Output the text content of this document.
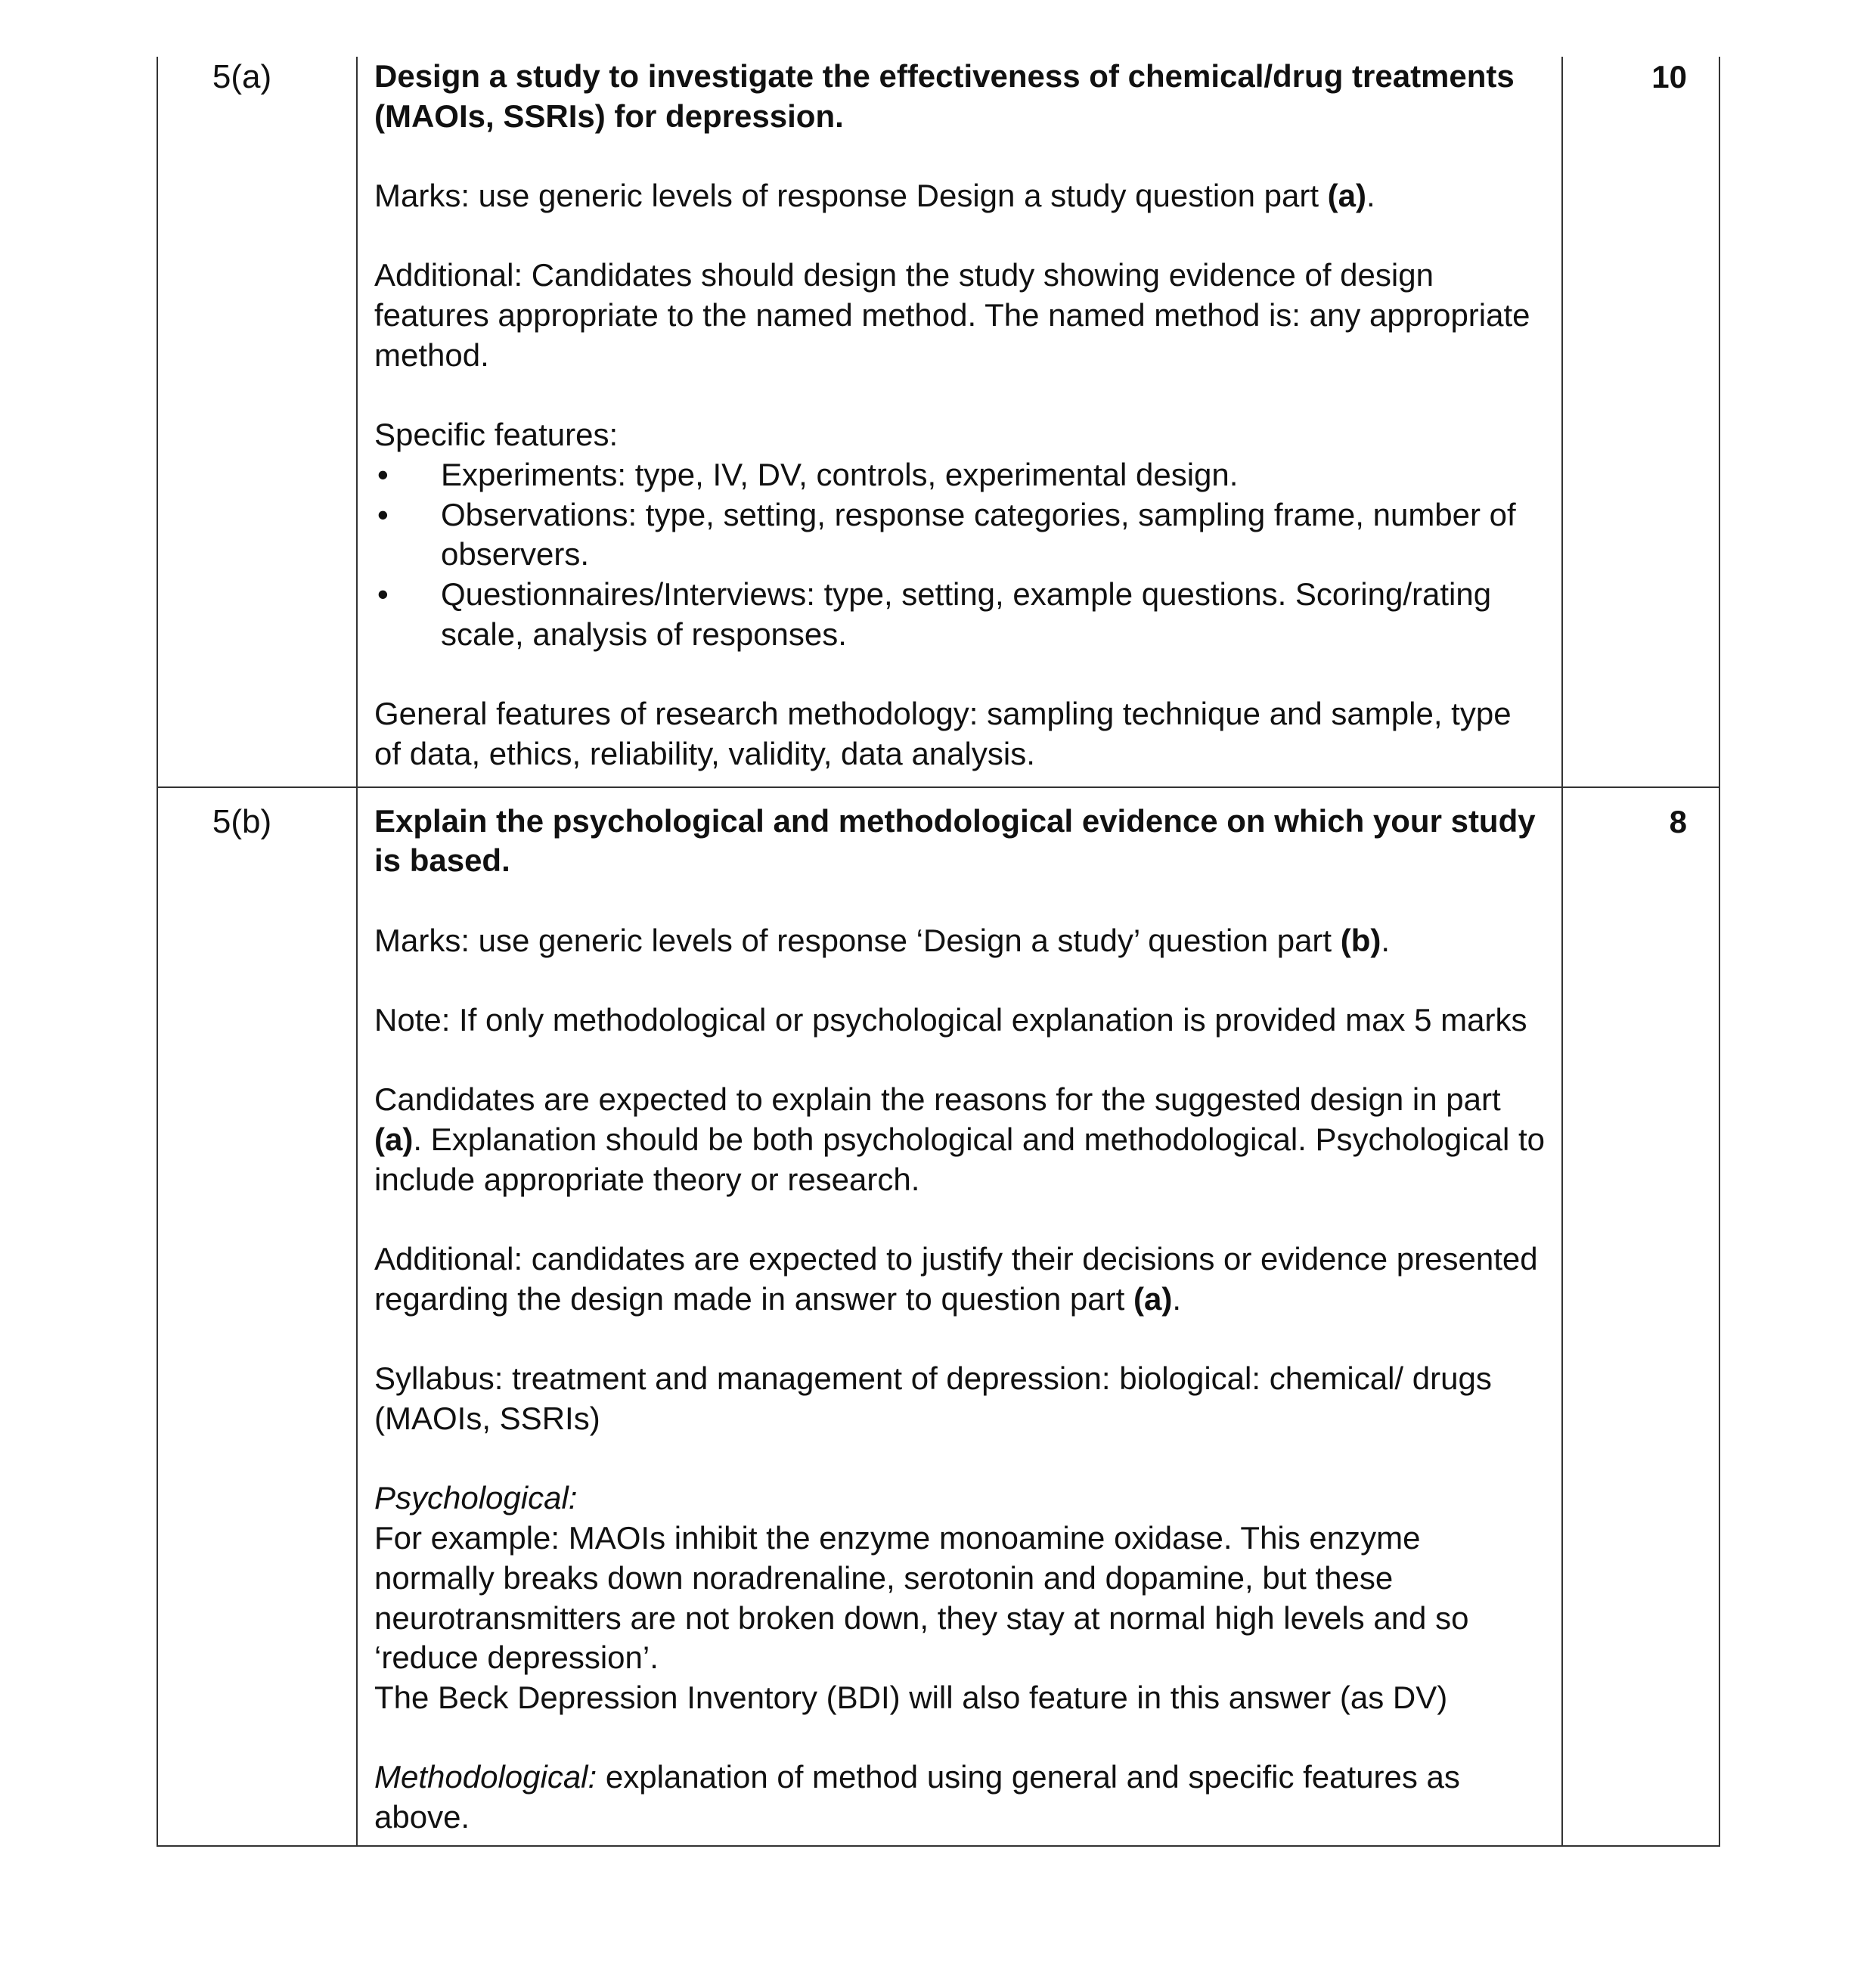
5(a)	Design a study to investigate the effectiveness of chemical/drug treatments (MAOIs, SSRIs) for depression.

Marks: use generic levels of response Design a study question part (a).

Additional: Candidates should design the study showing evidence of design features appropriate to the named method. The named method is: any appropriate method.

Specific features:
• Experiments: type, IV, DV, controls, experimental design.
• Observations: type, setting, response categories, sampling frame, number of observers.
• Questionnaires/Interviews: type, setting, example questions. Scoring/rating scale, analysis of responses.

General features of research methodology: sampling technique and sample, type of data, ethics, reliability, validity, data analysis.

10
5(b)	Explain the psychological and methodological evidence on which your study is based.

Marks: use generic levels of response ‘Design a study’ question part (b).

Note: If only methodological or psychological explanation is provided max 5 marks

Candidates are expected to explain the reasons for the suggested design in part (a). Explanation should be both psychological and methodological. Psychological to include appropriate theory or research.

Additional: candidates are expected to justify their decisions or evidence presented regarding the design made in answer to question part (a).

Syllabus: treatment and management of depression: biological: chemical/ drugs (MAOIs, SSRIs)

Psychological:
For example: MAOIs inhibit the enzyme monoamine oxidase. This enzyme normally breaks down noradrenaline, serotonin and dopamine, but these neurotransmitters are not broken down, they stay at normal high levels and so ‘reduce depression’.

The Beck Depression Inventory (BDI) will also feature in this answer (as DV)

Methodological: explanation of method using general and specific features as above.

8
